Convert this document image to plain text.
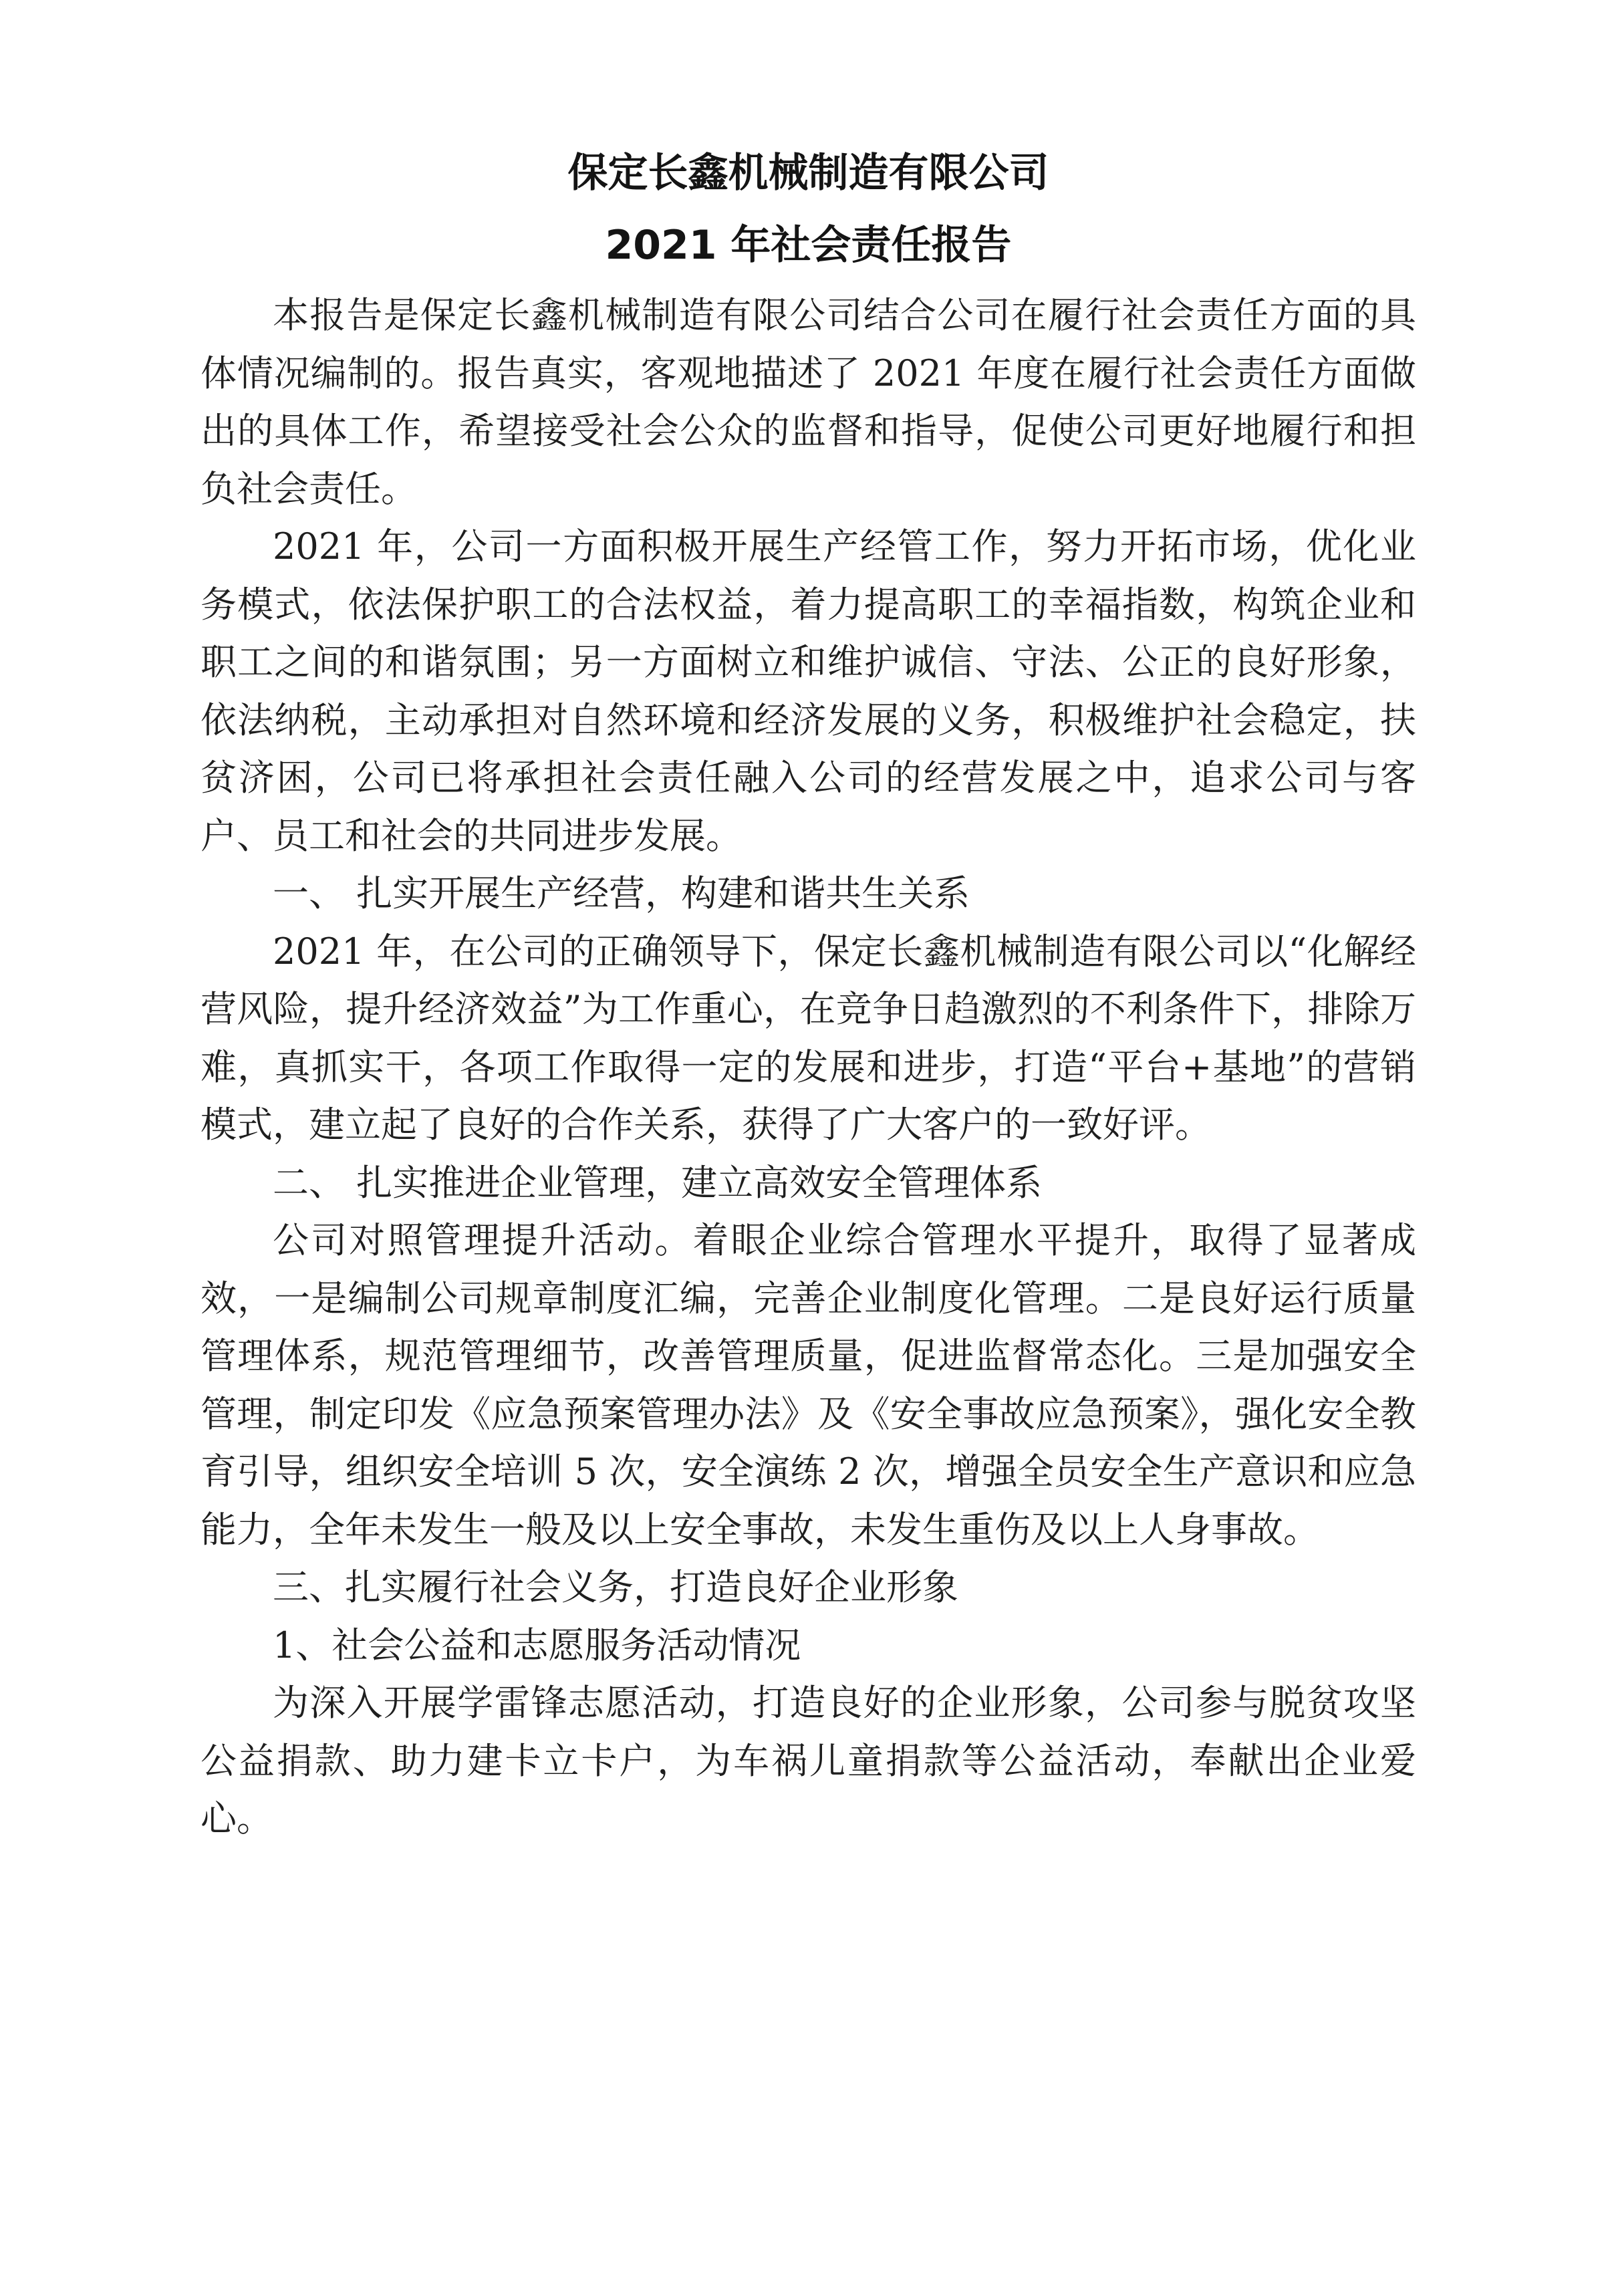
保定长鑫机械制造有限公司
2021 年社会责任报告

本报告是保定长鑫机械制造有限公司结合公司在履行社会责任方面的具体情况编制的。报告真实，客观地描述了 2021 年度在履行社会责任方面做出的具体工作，希望接受社会公众的监督和指导，促使公司更好地履行和担负社会责任。

2021 年，公司一方面积极开展生产经管工作，努力开拓市场，优化业务模式，依法保护职工的合法权益，着力提高职工的幸福指数，构筑企业和职工之间的和谐氛围；另一方面树立和维护诚信、守法、公正的良好形象，依法纳税，主动承担对自然环境和经济发展的义务，积极维护社会稳定，扶贫济困，公司已将承担社会责任融入公司的经营发展之中，追求公司与客户、员工和社会的共同进步发展。

一、 扎实开展生产经营，构建和谐共生关系

2021 年，在公司的正确领导下，保定长鑫机械制造有限公司以“化解经营风险，提升经济效益”为工作重心，在竞争日趋激烈的不利条件下，排除万难，真抓实干，各项工作取得一定的发展和进步，打造“平台+基地”的营销模式，建立起了良好的合作关系，获得了广大客户的一致好评。

二、 扎实推进企业管理，建立高效安全管理体系

公司对照管理提升活动。着眼企业综合管理水平提升，取得了显著成效，一是编制公司规章制度汇编，完善企业制度化管理。二是良好运行质量管理体系，规范管理细节，改善管理质量，促进监督常态化。三是加强安全管理，制定印发《应急预案管理办法》及《安全事故应急预案》，强化安全教育引导，组织安全培训 5 次，安全演练 2 次，增强全员安全生产意识和应急能力，全年未发生一般及以上安全事故，未发生重伤及以上人身事故。

三、扎实履行社会义务，打造良好企业形象

1、社会公益和志愿服务活动情况

为深入开展学雷锋志愿活动，打造良好的企业形象，公司参与脱贫攻坚公益捐款、助力建卡立卡户，为车祸儿童捐款等公益活动，奉献出企业爱心。
